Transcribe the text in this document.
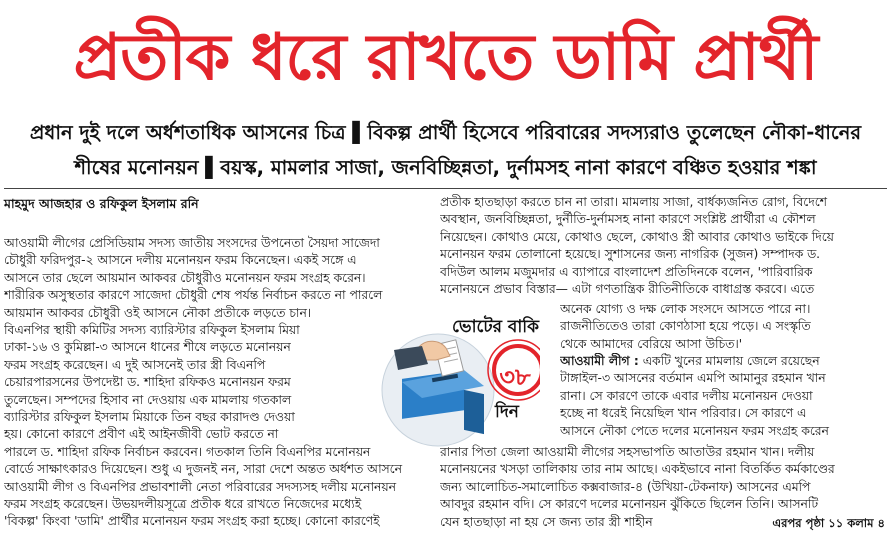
প্রতীক ধরে রাখতে ডামি প্রার্থী
প্রধান দুই দলে অর্ধশতাধিক আসনের চিত্র ▌বিকল্প প্রার্থী হিসেবে পরিবারের সদস্যরাও তুলেছেন নৌকা-ধানের
শীষের মনোনয়ন ▌বয়স্ক, মামলার সাজা, জনবিচ্ছিন্নতা, দুর্নামসহ নানা কারণে বঞ্চিত হওয়ার শঙ্কা
মাহমুদ আজহার ও রফিকুল ইসলাম রনি
আওয়ামী লীগের প্রেসিডিয়াম সদস্য জাতীয় সংসদের উপনেতা সৈয়দা সাজেদা
চৌধুরী ফরিদপুর-২ আসনে দলীয় মনোনয়ন ফরম কিনেছেন। একই সঙ্গে এ
আসনে তার ছেলে আয়মান আকবর চৌধুরীও মনোনয়ন ফরম সংগ্রহ করেন।
শারীরিক অসুস্থতার কারণে সাজেদা চৌধুরী শেষ পর্যন্ত নির্বাচন করতে না পারলে
আয়মান আকবর চৌধুরী ওই আসনে নৌকা প্রতীকে লড়তে চান।
বিএনপির স্থায়ী কমিটির সদস্য ব্যারিস্টার রফিকুল ইসলাম মিয়া
ঢাকা-১৬ ও কুমিল্লা-৩ আসনে ধানের শীষে লড়তে মনোনয়ন
ফরম সংগ্রহ করেছেন। এ দুই আসনেই তার স্ত্রী বিএনপি
চেয়ারপারসনের উপদেষ্টা ড. শাহিদা রফিকও মনোনয়ন ফরম
তুলেছেন। সম্পদের হিসাব না দেওয়ায় এক মামলায় গতকাল
ব্যারিস্টার রফিকুল ইসলাম মিয়াকে তিন বছর কারাদণ্ড দেওয়া
হয়। কোনো কারণে প্রবীণ এই আইনজীবী ভোট করতে না
পারলে ড. শাহিদা রফিক নির্বাচন করবেন। গতকাল তিনি বিএনপির মনোনয়ন
বোর্ডে সাক্ষাৎকারও দিয়েছেন। শুধু এ দুজনই নন, সারা দেশে অন্তত অর্ধশত আসনে
আওয়ামী লীগ ও বিএনপির প্রভাবশালী নেতা পরিবারের সদস্যসহ দলীয় মনোনয়ন
ফরম সংগ্রহ করেছেন। উভয়দলীয়সূত্রে প্রতীক ধরে রাখতে নিজেদের মধ্যেই
'বিকল্প' কিংবা 'ডামি' প্রার্থীর মনোনয়ন ফরম সংগ্রহ করা হচ্ছে। কোনো কারণেই
প্রতীক হাতছাড়া করতে চান না তারা। মামলায় সাজা, বার্ধক্যজনিত রোগ, বিদেশে
অবস্থান, জনবিচ্ছিন্নতা, দুর্নীতি-দুর্নামসহ নানা কারণে সংশ্লিষ্ট প্রার্থীরা এ কৌশল
নিয়েছেন। কোথাও মেয়ে, কোথাও ছেলে, কোথাও স্ত্রী আবার কোথাও ভাইকে দিয়ে
মনোনয়ন ফরম তোলানো হয়েছে। সুশাসনের জন্য নাগরিক (সুজন) সম্পাদক ড.
বদিউল আলম মজুমদার এ ব্যাপারে বাংলাদেশ প্রতিদিনকে বলেন, 'পারিবারিক
মনোনয়নে প্রভাব বিস্তার— এটা গণতান্ত্রিক রীতিনীতিকে বাধাগ্রস্ত করবে। এতে
অনেক যোগ্য ও দক্ষ লোক সংসদে আসতে পারে না।
রাজনীতিতেও তারা কোণঠাসা হয়ে পড়ে। এ সংস্কৃতি
থেকে আমাদের বেরিয়ে আসা উচিত।'
আওয়ামী লীগ : একটি খুনের মামলায় জেলে রয়েছেন
টাঙ্গাইল-৩ আসনের বর্তমান এমপি আমানুর রহমান খান
রানা। সে কারণে তাকে এবার দলীয় মনোনয়ন দেওয়া
হচ্ছে না ধরেই নিয়েছিল খান পরিবার। সে কারণে এ
আসনে নৌকা পেতে দলের মনোনয়ন ফরম সংগ্রহ করেন
রানার পিতা জেলা আওয়ামী লীগের সহসভাপতি আতাউর রহমান খান। দলীয়
মনোনয়নের খসড়া তালিকায় তার নাম আছে। একইভাবে নানা বিতর্কিত কর্মকাণ্ডের
জন্য আলোচিত-সমালোচিত কক্সবাজার-৪ (উখিয়া-টেকনাফ) আসনের এমপি
আবদুর রহমান বদি। সে কারণে দলের মনোনয়ন ঝুঁকিতে ছিলেন তিনি। আসনটি
যেন হাতছাড়া না হয় সে জন্য তার স্ত্রী শাহীন
ভোটের বাকি
৩৮
দিন
এরপর পৃষ্ঠা ১১ কলাম ৪
